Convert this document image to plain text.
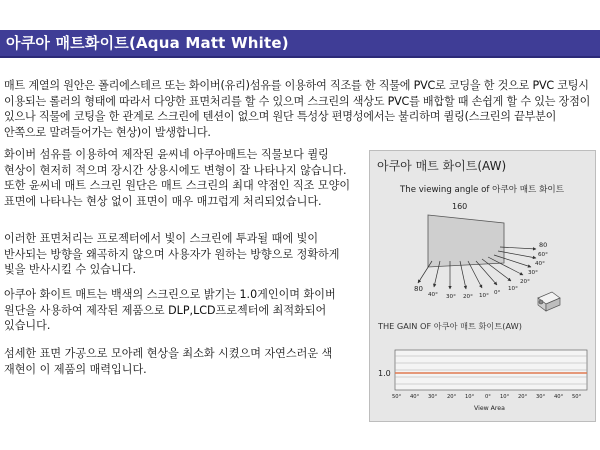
아쿠아 매트화이트(Aqua Matt White)

매트 계열의 원안은 폴리에스테르 또는 화이버(유리)섬유를 이용하여 직조를 한 직물에 PVC로 코딩을 한 것으로 PVC 코팅시 이용되는 롤러의 형태에 따라서 다양한 표면처리를 할 수 있으며 스크린의 색상도 PVC를 배합할 때 손쉽게 할 수 있는 장점이 있으나 직물에 코팅을 한 관계로 스크린에 텐션이 없으며 원단 특성상 편명성에서는 불리하며 퀼링(스크린의 끝부분이 안쪽으로 말려들어가는 현상)이 발생합니다.

화이버 섬유를 이용하여 제작된 윤씨네 아쿠아매트는 직물보다 퀼링 현상이 현저히 적으며 장시간 상용시에도 변형이 잘 나타나지 않습니다. 또한 윤씨네 매트 스크린 원단은 매트 스크린의 최대 약점인 직조 모양이 표면에 나타나는 현상 없이 표면이 매우 매끄럽게 처리되었습니다.

이러한 표면처리는 프로젝터에서 빛이 스크린에 투과될 때에 빛이 반사되는 방향을 왜곡하지 않으며 사용자가 원하는 방향으로 정확하게 빛을 반사시킬 수 있습니다.

아쿠아 화이트 매트는 백색의 스크린으로 밝기는 1.0게인이며 화이버 원단을 사용하여 제작된 제품으로 DLP,LCD프로젝터에 최적화되어 있습니다.

섬세한 표면 가공으로 모아레 현상을 최소화 시켰으며 자연스러운 색 재현이 이 제품의 매력입니다.

아쿠아 매트 화이트(AW)
The viewing angle of 아쿠아 매트 화이트
160
80
40° 30° 20° 10° 0°
10°
20°
30°
40°
60°
80
1.0
50° 40° 30° 20° 10° 0° 10° 20° 30° 40° 50°
View Area
THE GAIN OF 아쿠아 매트 화이트(AW)
